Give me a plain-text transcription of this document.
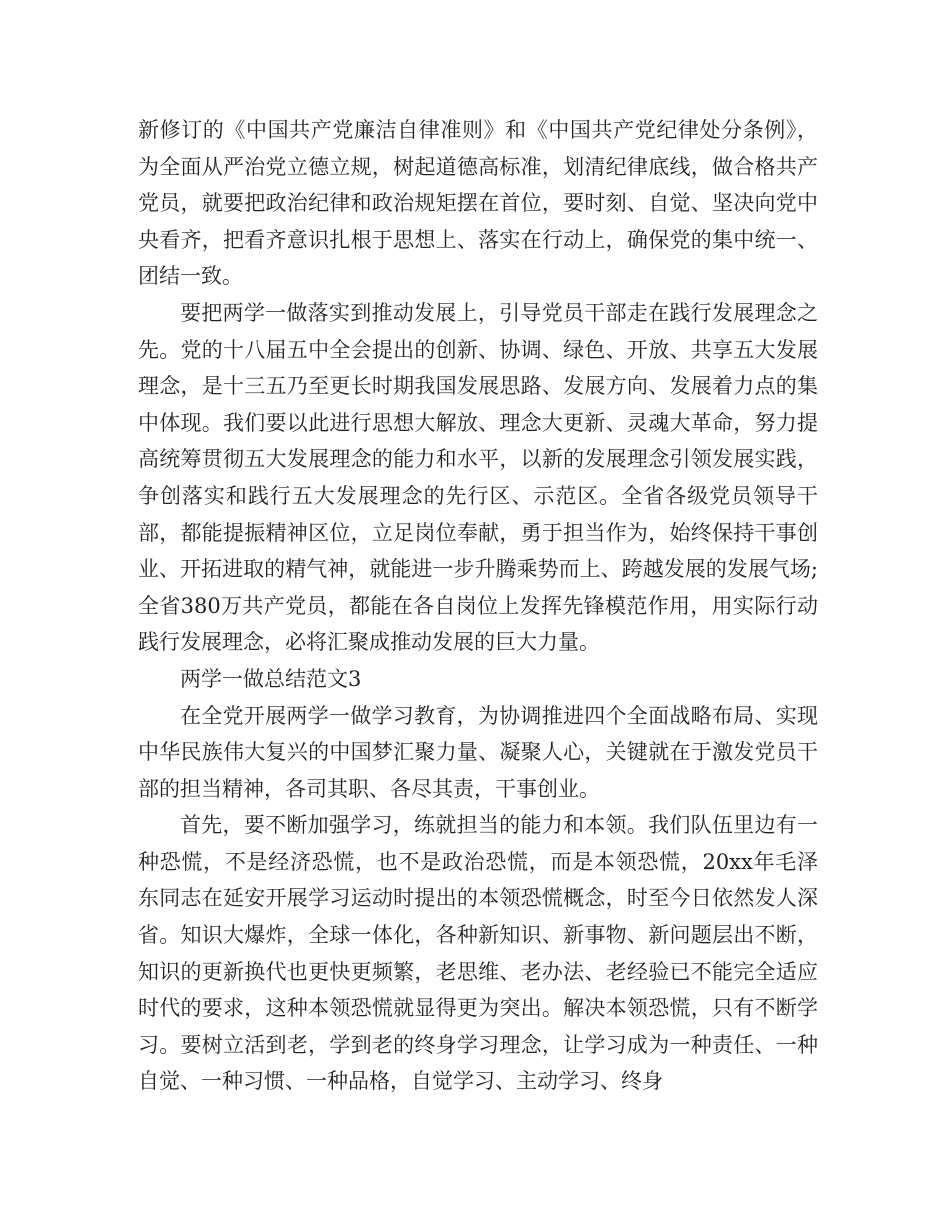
新修订的《中国共产党廉洁自律准则》和《中国共产党纪律处分条例》，为全面从严治党立德立规，树起道德高标准，划清纪律底线，做合格共产党员，就要把政治纪律和政治规矩摆在首位，要时刻、自觉、坚决向党中央看齐，把看齐意识扎根于思想上、落实在行动上，确保党的集中统一、团结一致。

要把两学一做落实到推动发展上，引导党员干部走在践行发展理念之先。党的十八届五中全会提出的创新、协调、绿色、开放、共享五大发展理念，是十三五乃至更长时期我国发展思路、发展方向、发展着力点的集中体现。我们要以此进行思想大解放、理念大更新、灵魂大革命，努力提高统筹贯彻五大发展理念的能力和水平，以新的发展理念引领发展实践，争创落实和践行五大发展理念的先行区、示范区。全省各级党员领导干部，都能提振精神区位，立足岗位奉献，勇于担当作为，始终保持干事创业、开拓进取的精气神，就能进一步升腾乘势而上、跨越发展的发展气场;全省380万共产党员，都能在各自岗位上发挥先锋模范作用，用实际行动践行发展理念，必将汇聚成推动发展的巨大力量。

两学一做总结范文3

在全党开展两学一做学习教育，为协调推进四个全面战略布局、实现中华民族伟大复兴的中国梦汇聚力量、凝聚人心，关键就在于激发党员干部的担当精神，各司其职、各尽其责，干事创业。

首先，要不断加强学习，练就担当的能力和本领。我们队伍里边有一种恐慌，不是经济恐慌，也不是政治恐慌，而是本领恐慌，20xx年毛泽东同志在延安开展学习运动时提出的本领恐慌概念，时至今日依然发人深省。知识大爆炸，全球一体化，各种新知识、新事物、新问题层出不断，知识的更新换代也更快更频繁，老思维、老办法、老经验已不能完全适应时代的要求，这种本领恐慌就显得更为突出。解决本领恐慌，只有不断学习。要树立活到老，学到老的终身学习理念，让学习成为一种责任、一种自觉、一种习惯、一种品格，自觉学习、主动学习、终身
